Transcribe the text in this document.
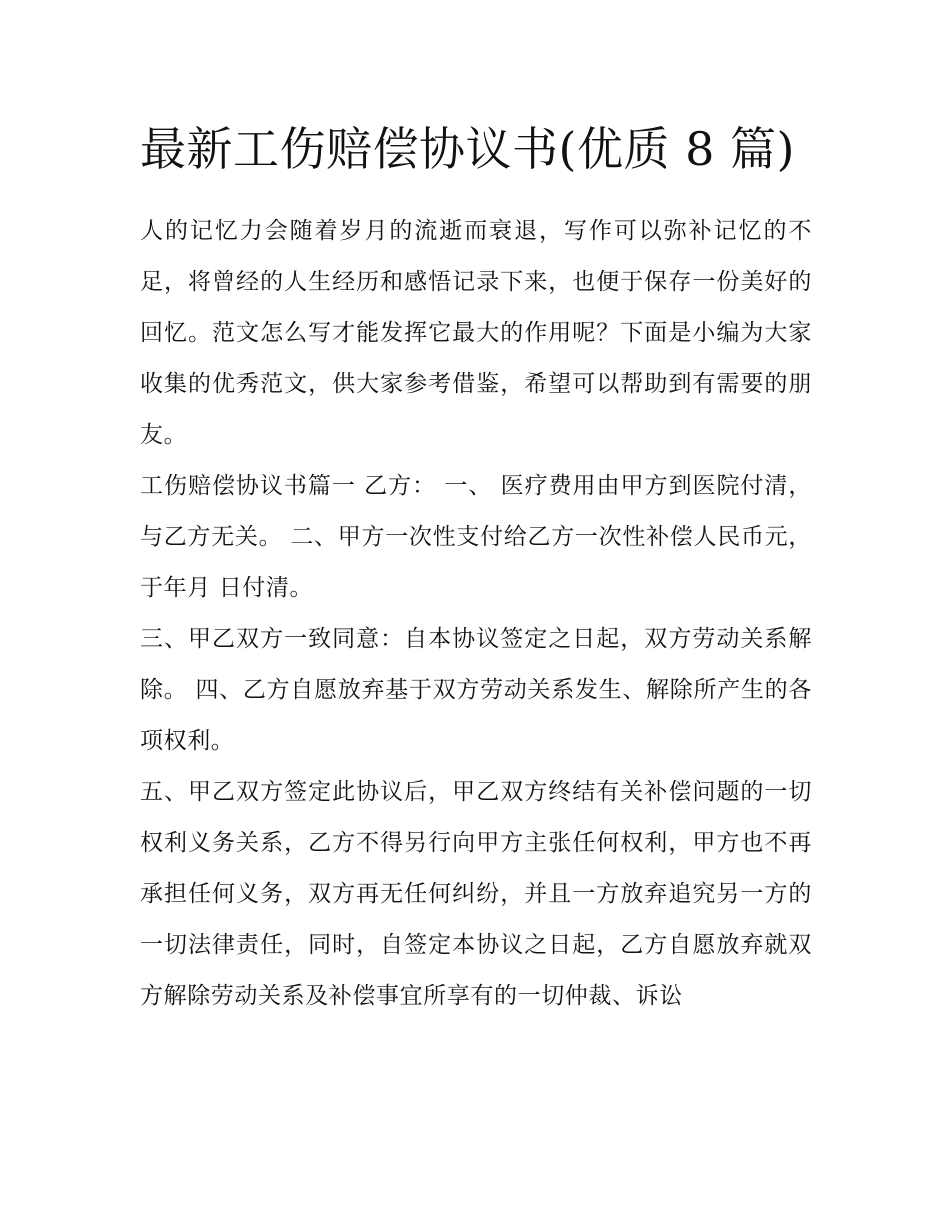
最新工伤赔偿协议书(优质 8 篇)

人的记忆力会随着岁月的流逝而衰退，写作可以弥补记忆的不足，将曾经的人生经历和感悟记录下来，也便于保存一份美好的回忆。范文怎么写才能发挥它最大的作用呢？下面是小编为大家收集的优秀范文，供大家参考借鉴，希望可以帮助到有需要的朋友。

工伤赔偿协议书篇一 乙方： 一、 医疗费用由甲方到医院付清，与乙方无关。 二、甲方一次性支付给乙方一次性补偿人民币元，于年月 日付清。

三、甲乙双方一致同意：自本协议签定之日起，双方劳动关系解除。 四、乙方自愿放弃基于双方劳动关系发生、解除所产生的各项权利。

五、甲乙双方签定此协议后，甲乙双方终结有关补偿问题的一切权利义务关系，乙方不得另行向甲方主张任何权利，甲方也不再承担任何义务，双方再无任何纠纷，并且一方放弃追究另一方的一切法律责任，同时，自签定本协议之日起，乙方自愿放弃就双方解除劳动关系及补偿事宜所享有的一切仲裁、诉讼
